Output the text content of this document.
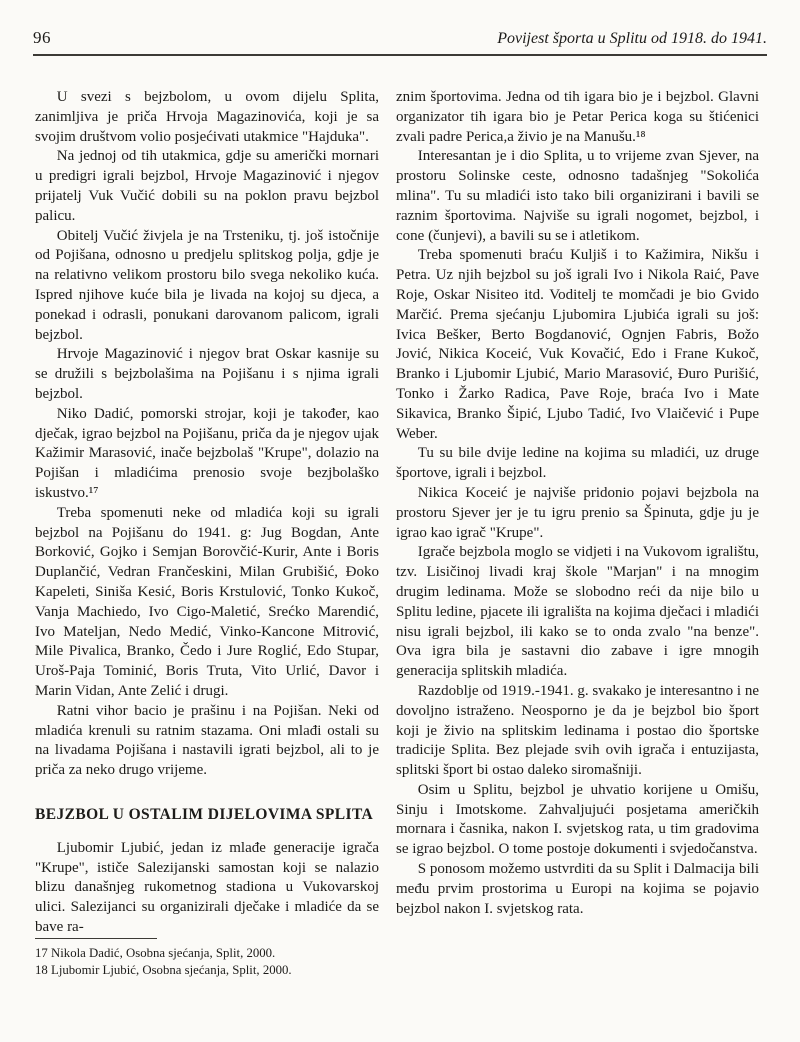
96	Povijest športa u Splitu od 1918. do 1941.

U svezi s bejzbolom, u ovom dijelu Splita, zanimljiva je priča Hrvoja Magazinovića, koji je sa svojim društvom volio posjećivati utakmice "Hajduka".

Na jednoj od tih utakmica, gdje su američki mornari u predigri igrali bejzbol, Hrvoje Magazinović i njegov prijatelj Vuk Vučić dobili su na poklon pravu bejzbol palicu.

Obitelj Vučić živjela je na Trsteniku, tj. još istočnije od Pojišana, odnosno u predjelu splitskog polja, gdje je na relativno velikom prostoru bilo svega nekoliko kuća. Ispred njihove kuće bila je livada na kojoj su djeca, a ponekad i odrasli, ponukani darovanom palicom, igrali bejzbol.

Hrvoje Magazinović i njegov brat Oskar kasnije su se družili s bejzbolašima na Pojišanu i s njima igrali bejzbol.

Niko Dadić, pomorski strojar, koji je također, kao dječak, igrao bejzbol na Pojišanu, priča da je njegov ujak Kažimir Marasović, inače bejzbolaš "Krupe", dolazio na Pojišan i mladićima prenosio svoje bezjbolaško iskustvo.¹⁷

Treba spomenuti neke od mladića koji su igrali bejzbol na Pojišanu do 1941. g: Jug Bogdan, Ante Borković, Gojko i Semjan Borovčić-Kurir, Ante i Boris Duplančić, Vedran Frančeskini, Milan Grubišić, Đoko Kapeleti, Siniša Kesić, Boris Krstulović, Tonko Kukoč, Vanja Machiedo, Ivo Cigo-Maletić, Srećko Marendić, Ivo Mateljan, Nedo Medić, Vinko-Kancone Mitrović, Mile Pivalica, Branko, Čedo i Jure Roglić, Edo Stupar, Uroš-Paja Tominić, Boris Truta, Vito Urlić, Davor i Marin Vidan, Ante Zelić i drugi.

Ratni vihor bacio je prašinu i na Pojišan. Neki od mladića krenuli su ratnim stazama. Oni mlađi ostali su na livadama Pojišana i nastavili igrati bejzbol, ali to je priča za neko drugo vrijeme.

BEJZBOL U OSTALIM DIJELOVIMA SPLITA

Ljubomir Ljubić, jedan iz mlađe generacije igrača "Krupe", ističe Salezijanski samostan koji se nalazio blizu današnjeg rukometnog stadiona u Vukovarskoj ulici. Salezijanci su organizirali dječake i mladiće da se bave ra-

znim športovima. Jedna od tih igara bio je i bejzbol. Glavni organizator tih igara bio je Petar Perica koga su štićenici zvali padre Perica,a živio je na Manušu.¹⁸

Interesantan je i dio Splita, u to vrijeme zvan Sjever, na prostoru Solinske ceste, odnosno tadašnjeg "Sokolića mlina". Tu su mladići isto tako bili organizirani i bavili se raznim športovima. Najviše su igrali nogomet, bejzbol, i cone (čunjevi), a bavili su se i atletikom.

Treba spomenuti braću Kuljiš i to Kažimira, Nikšu i Petra. Uz njih bejzbol su još igrali Ivo i Nikola Raić, Pave Roje, Oskar Nisiteo itd. Voditelj te momčadi je bio Gvido Marčić. Prema sjećanju Ljubomira Ljubića igrali su još: Ivica Bešker, Berto Bogdanović, Ognjen Fabris, Božo Jović, Nikica Koceić, Vuk Kovačić, Edo i Frane Kukoč, Branko i Ljubomir Ljubić, Mario Marasović, Đuro Purišić, Tonko i Žarko Radica, Pave Roje, braća Ivo i Mate Sikavica, Branko Šipić, Ljubo Tadić, Ivo Vlaičević i Pupe Weber.

Tu su bile dvije ledine na kojima su mladići, uz druge športove, igrali i bejzbol.

Nikica Koceić je najviše pridonio pojavi bejzbola na prostoru Sjever jer je tu igru prenio sa Špinuta, gdje ju je igrao kao igrač "Krupe".

Igrače bejzbola moglo se vidjeti i na Vukovom igralištu, tzv. Lisičinoj livadi kraj škole "Marjan" i na mnogim drugim ledinama. Može se slobodno reći da nije bilo u Splitu ledine, pjacete ili igrališta na kojima dječaci i mladići nisu igrali bejzbol, ili kako se to onda zvalo "na benze". Ova igra bila je sastavni dio zabave i igre mnogih generacija splitskih mladića.

Razdoblje od 1919.-1941. g. svakako je interesantno i ne dovoljno istraženo. Neosporno je da je bejzbol bio šport koji je živio na splitskim ledinama i postao dio športske tradicije Splita. Bez plejade svih ovih igrača i entuzijasta, splitski šport bi ostao daleko siromašniji.

Osim u Splitu, bejzbol je uhvatio korijene u Omišu, Sinju i Imotskome. Zahvaljujući posjetama američkih mornara i časnika, nakon I. svjetskog rata, u tim gradovima se igrao bejzbol. O tome postoje dokumenti i svjedočanstva.

S ponosom možemo ustvrditi da su Split i Dalmacija bili među prvim prostorima u Europi na kojima se pojavio bejzbol nakon I. svjetskog rata.

17 Nikola Dadić, Osobna sjećanja, Split, 2000.

18 Ljubomir Ljubić, Osobna sjećanja, Split, 2000.
